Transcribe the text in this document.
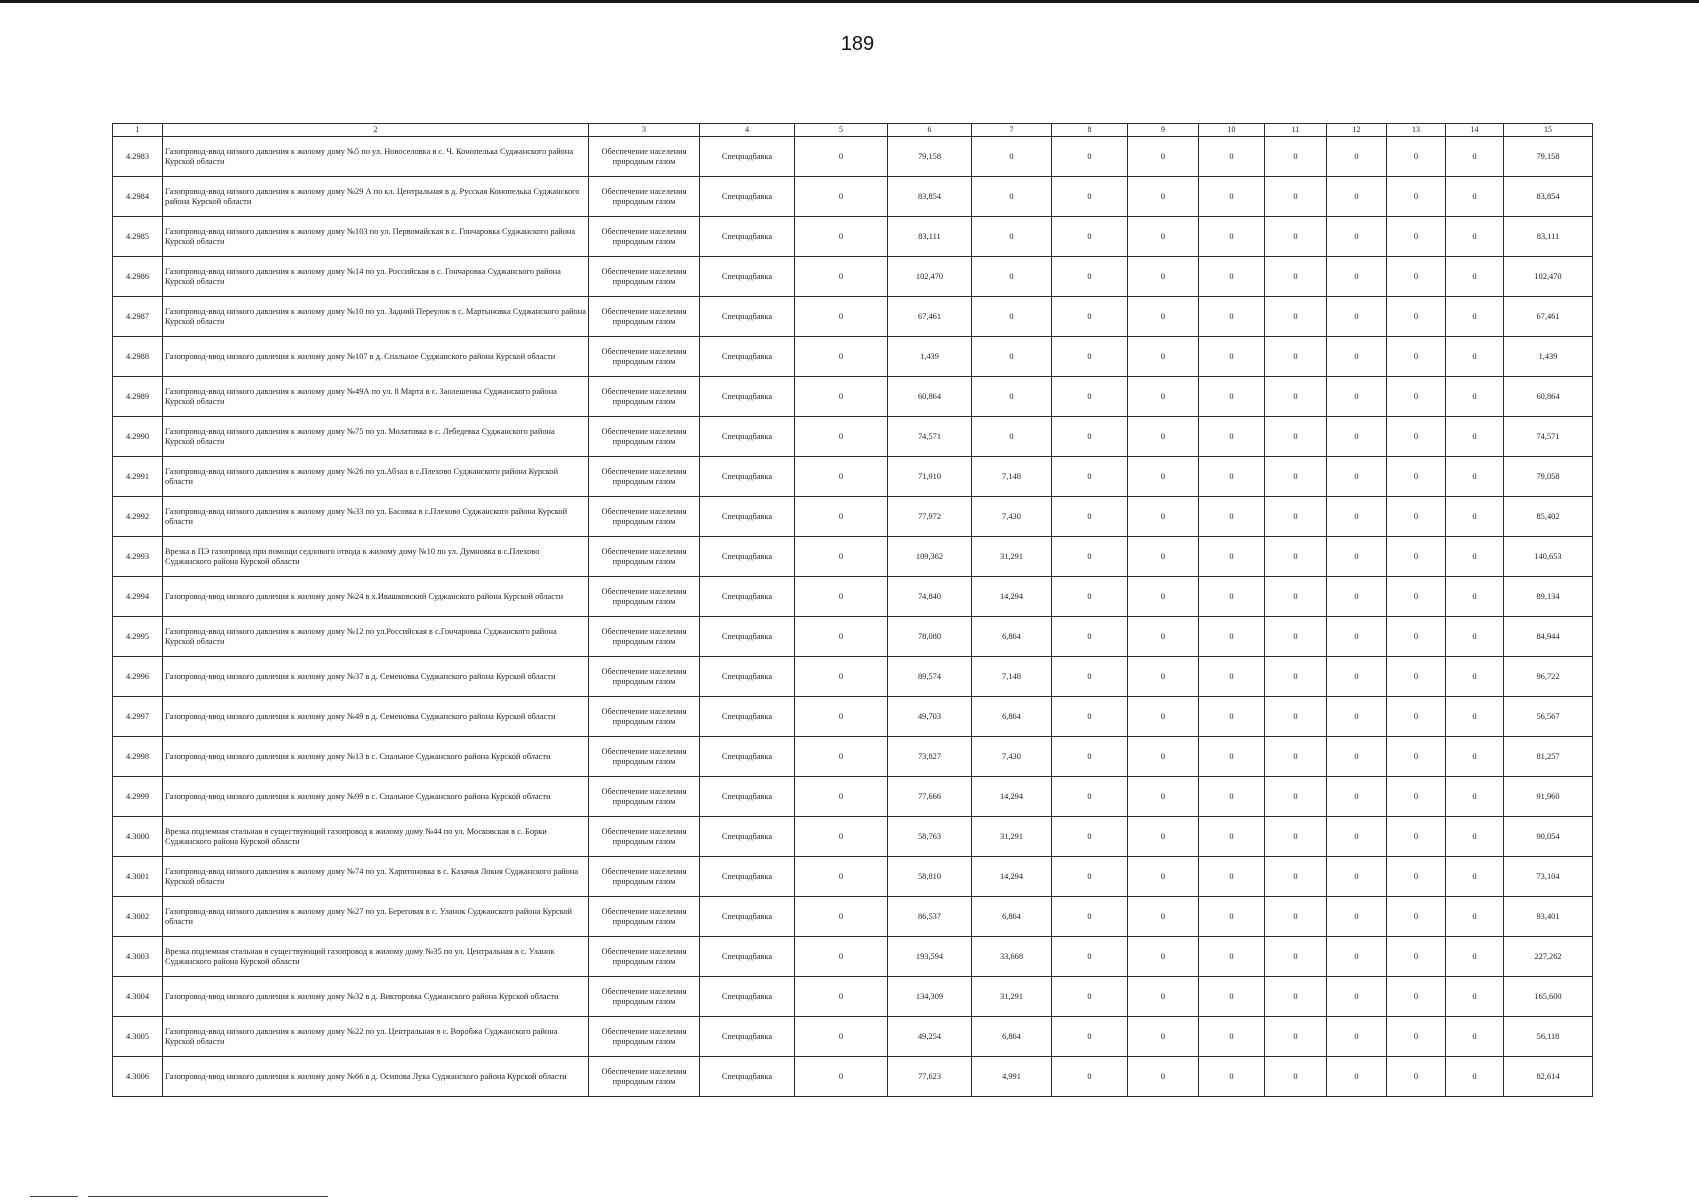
189
1	2	3	4	5	6	7	8	9	10	11	12	13	14	15
4.2983	Газопровод-ввод низкого давления к жилому дому №5 по ул. Новоселовка в с. Ч. Конопелька Суджанского района Курской области	Обеспечение населения природным газом	Спецнадбавка	0	79,158	0	0	0	0	0	0	0	0	79,158
4.2984	Газопровод-ввод низкого давления к жилому дому №29 А по кл. Центральная в д. Русская Конопелька Суджанского района Курской области	Обеспечение населения природным газом	Спецнадбавка	0	83,854	0	0	0	0	0	0	0	0	83,854
4.2985	Газопровод-ввод низкого давления к жилому дому №103 по ул. Первомайская в с. Гончаровка Суджанского района Курской области	Обеспечение населения природным газом	Спецнадбавка	0	83,111	0	0	0	0	0	0	0	0	83,111
4.2986	Газопровод-ввод низкого давления к жилому дому №14 по ул. Российская в с. Гончаровка Суджанского района Курской области	Обеспечение населения природным газом	Спецнадбавка	0	102,470	0	0	0	0	0	0	0	0	102,470
4.2987	Газопровод-ввод низкого давления к жилому дому №10 по ул. Задний Переулок в с. Мартыновка Суджанского района Курской области	Обеспечение населения природным газом	Спецнадбавка	0	67,461	0	0	0	0	0	0	0	0	67,461
4.2988	Газопровод-ввод низкого давления к жилому дому №107 в д. Спальное Суджанского района Курской области	Обеспечение населения природным газом	Спецнадбавка	0	1,439	0	0	0	0	0	0	0	0	1,439
4.2989	Газопровод-ввод низкого давления к жилому дому №49А по ул. 8 Марта в с. Заолешенка Суджанского района Курской области	Обеспечение населения природным газом	Спецнадбавка	0	60,864	0	0	0	0	0	0	0	0	60,864
4.2990	Газопровод-ввод низкого давления к жилому дому №75 по ул. Молатовка в с. Лебедевка Суджанского района Курской области	Обеспечение населения природным газом	Спецнадбавка	0	74,571	0	0	0	0	0	0	0	0	74,571
4.2991	Газопровод-ввод низкого давления к жилому дому №26 по ул.Абзал в с.Плехово Суджанского района Курской области	Обеспечение населения природным газом	Спецнадбавка	0	71,910	7,148	0	0	0	0	0	0	0	79,058
4.2992	Газопровод-ввод низкого давления к жилому дому №33 по ул. Басовка в с.Плехово Суджанского района Курской области	Обеспечение населения природным газом	Спецнадбавка	0	77,972	7,430	0	0	0	0	0	0	0	85,402
4.2993	Врезка в ПЭ газопровод при помощи седлового отвода к жилому дому №10 по ул. Думновка в с.Плехово Суджанского района Курской области	Обеспечение населения природным газом	Спецнадбавка	0	109,362	31,291	0	0	0	0	0	0	0	140,653
4.2994	Газопровод-ввод низкого давления к жилому дому №24 в х.Ивашковский Суджанского района Курской области	Обеспечение населения природным газом	Спецнадбавка	0	74,840	14,294	0	0	0	0	0	0	0	89,134
4.2995	Газопровод-ввод низкого давления к жилому дому №12 по ул.Российская в с.Гончаровка Суджанского района Курской области	Обеспечение населения природным газом	Спецнадбавка	0	78,080	6,864	0	0	0	0	0	0	0	84,944
4.2996	Газопровод-ввод низкого давления к жилому дому №37 в д. Семеновка Суджанского района Курской области	Обеспечение населения природным газом	Спецнадбавка	0	89,574	7,148	0	0	0	0	0	0	0	96,722
4.2997	Газопровод-ввод низкого давления к жилому дому №49 в д. Семеновка Суджанского района Курской области	Обеспечение населения природным газом	Спецнадбавка	0	49,703	6,864	0	0	0	0	0	0	0	56,567
4.2998	Газопровод-ввод низкого давления к жилому дому №13 в с. Спальное Суджанского района Курской области	Обеспечение населения природным газом	Спецнадбавка	0	73,827	7,430	0	0	0	0	0	0	0	81,257
4.2999	Газопровод-ввод низкого давления к жилому дому №99 в с. Спальное Суджанского района Курской области	Обеспечение населения природным газом	Спецнадбавка	0	77,666	14,294	0	0	0	0	0	0	0	91,960
4.3000	Врезка подземная стальная в существующий газопровод к жилому дому №44 по ул. Московская в с. Борки Суджанского района Курской области	Обеспечение населения природным газом	Спецнадбавка	0	58,763	31,291	0	0	0	0	0	0	0	90,054
4.3001	Газопровод-ввод низкого давления к жилому дому №74 по ул. Харитоновка в с. Казачья Локня Суджанского района Курской области	Обеспечение населения природным газом	Спецнадбавка	0	58,810	14,294	0	0	0	0	0	0	0	73,104
4.3002	Газопровод-ввод низкого давления к жилому дому №27 по ул. Береговая в с. Уланок Суджанского района Курской области	Обеспечение населения природным газом	Спецнадбавка	0	86,537	6,864	0	0	0	0	0	0	0	93,401
4.3003	Врезка подземная стальная в существующий газопровод к жилому дому №35 по ул. Центральная в с. Уланок Суджанского района Курской области	Обеспечение населения природным газом	Спецнадбавка	0	193,594	33,668	0	0	0	0	0	0	0	227,262
4.3004	Газопровод-ввод низкого давления к жилому дому №32 в д. Викторовка Суджанского района Курской области	Обеспечение населения природным газом	Спецнадбавка	0	134,309	31,291	0	0	0	0	0	0	0	165,600
4.3005	Газопровод-ввод низкого давления к жилому дому №22 по ул. Центральная в с. Воробжа Суджанского района Курской области	Обеспечение населения природным газом	Спецнадбавка	0	49,254	6,864	0	0	0	0	0	0	0	56,118
4.3006	Газопровод-ввод низкого давления к жилому дому №66 в д. Осипова Лука Суджанского района Курской области	Обеспечение населения природным газом	Спецнадбавка	0	77,623	4,991	0	0	0	0	0	0	0	82,614
